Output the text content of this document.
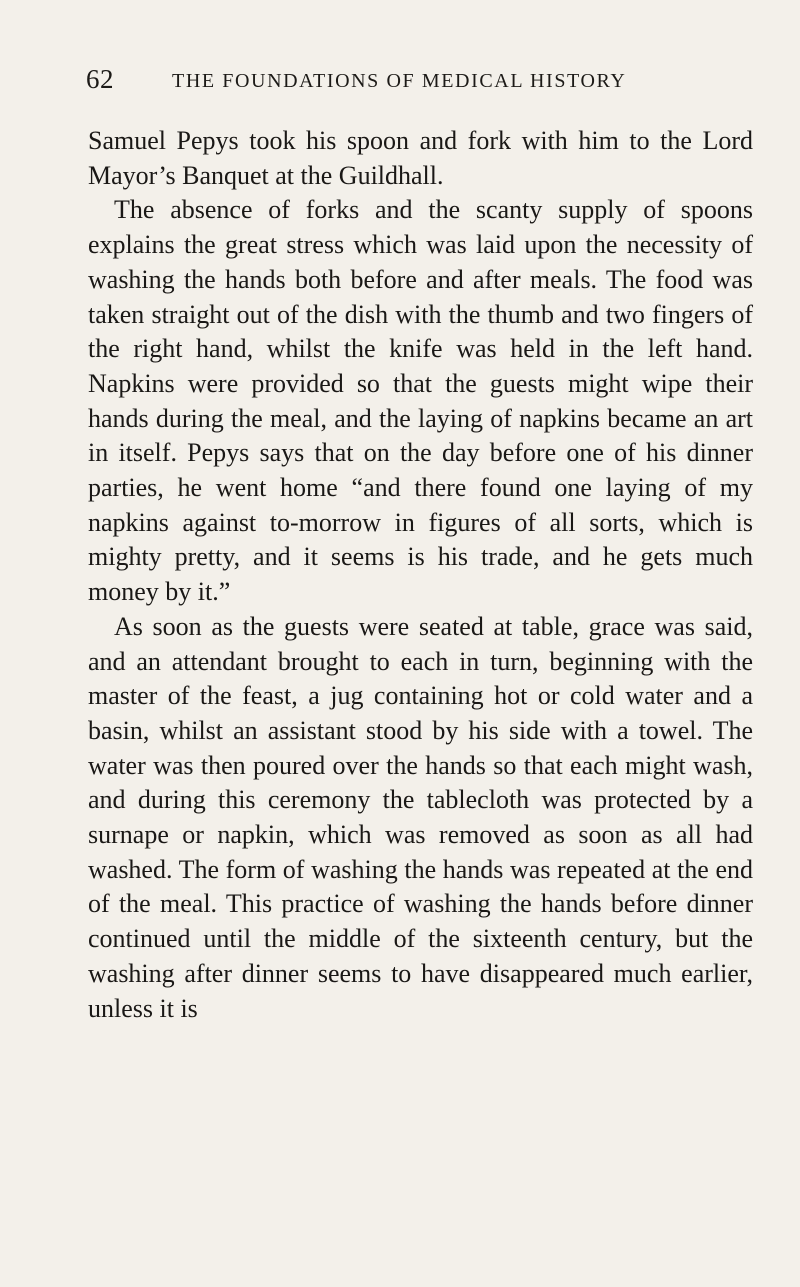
62	THE FOUNDATIONS OF MEDICAL HISTORY

Samuel Pepys took his spoon and fork with him to the Lord Mayor’s Banquet at the Guildhall.

The absence of forks and the scanty supply of spoons explains the great stress which was laid upon the necessity of washing the hands both before and after meals. The food was taken straight out of the dish with the thumb and two fingers of the right hand, whilst the knife was held in the left hand. Napkins were provided so that the guests might wipe their hands during the meal, and the laying of napkins became an art in itself. Pepys says that on the day before one of his dinner parties, he went home “and there found one laying of my napkins against to-morrow in figures of all sorts, which is mighty pretty, and it seems is his trade, and he gets much money by it.”

As soon as the guests were seated at table, grace was said, and an attendant brought to each in turn, beginning with the master of the feast, a jug containing hot or cold water and a basin, whilst an assistant stood by his side with a towel. The water was then poured over the hands so that each might wash, and during this ceremony the tablecloth was protected by a surnape or napkin, which was removed as soon as all had washed. The form of washing the hands was repeated at the end of the meal. This practice of washing the hands before dinner continued until the middle of the sixteenth century, but the washing after dinner seems to have disappeared much earlier, unless it is
